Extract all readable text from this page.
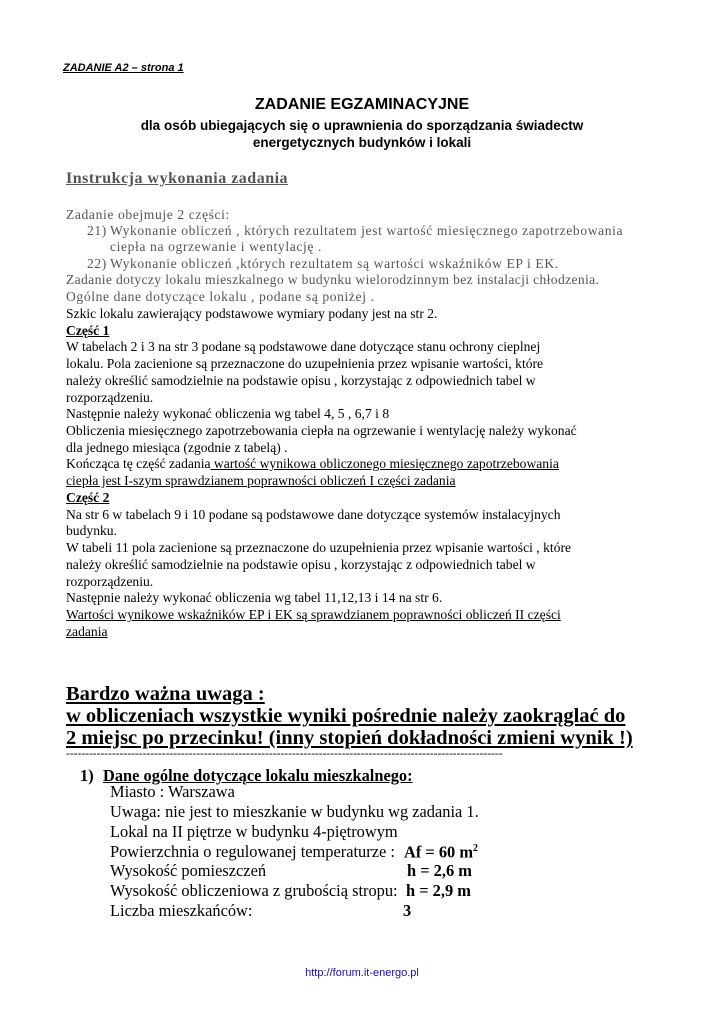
ZADANIE A2 – strona 1
ZADANIE EGZAMINACYJNE
dla osób ubiegających się o uprawnienia do sporządzania świadectw
energetycznych budynków i lokali
Instrukcja wykonania zadania
Zadanie obejmuje 2 części:
21) Wykonanie obliczeń , których rezultatem jest wartość miesięcznego zapotrzebowania
ciepła na ogrzewanie i wentylację .
22) Wykonanie obliczeń ,których rezultatem są wartości wskaźników EP i EK.
Zadanie dotyczy lokalu mieszkalnego w budynku wielorodzinnym bez instalacji chłodzenia.
Ogólne dane dotyczące lokalu , podane są poniżej .
Szkic lokalu zawierający podstawowe wymiary podany jest na str 2.
Część 1
W tabelach 2 i 3 na str 3 podane są podstawowe dane dotyczące stanu ochrony cieplnej
lokalu. Pola zacienione są przeznaczone do uzupełnienia przez wpisanie wartości, które
należy określić samodzielnie na podstawie opisu , korzystając z odpowiednich tabel w
rozporządzeniu.
Następnie należy wykonać obliczenia wg tabel 4, 5 , 6,7 i 8
Obliczenia miesięcznego zapotrzebowania ciepła na ogrzewanie i wentylację należy wykonać
dla jednego miesiąca (zgodnie z tabelą) .
Kończąca tę część zadania wartość wynikowa obliczonego miesięcznego zapotrzebowania
ciepła jest I-szym sprawdzianem poprawności obliczeń I części zadania
Część 2
Na str 6 w tabelach 9 i 10 podane są podstawowe dane dotyczące systemów instalacyjnych
budynku.
W tabeli 11 pola zacienione są przeznaczone do uzupełnienia przez wpisanie wartości , które
należy określić samodzielnie na podstawie opisu , korzystając z odpowiednich tabel w
rozporządzeniu.
Następnie należy wykonać obliczenia wg tabel 11,12,13 i 14 na str 6.
Wartości wynikowe wskaźników EP i EK są sprawdzianem poprawności obliczeń II części
zadania
Bardzo ważna uwaga :
w obliczeniach wszystkie wyniki pośrednie należy zaokrąglać do
2 miejsc po przecinku! (inny stopień dokładności zmieni wynik !)
------------------------------------------------------------------------------------------------------------------
1) Dane ogólne dotyczące lokalu mieszkalnego:
Miasto : Warszawa
Uwaga: nie jest to mieszkanie w budynku wg zadania 1.
Lokal na II piętrze w budynku 4-piętrowym
Powierzchnia o regulowanej temperaturze : Af = 60 $m^2$
Wysokość pomieszczeń	h = 2,6 m
Wysokość obliczeniowa z grubością stropu: h = 2,9 m
Liczba mieszkańców:	3
http://forum.it-energo.pl
